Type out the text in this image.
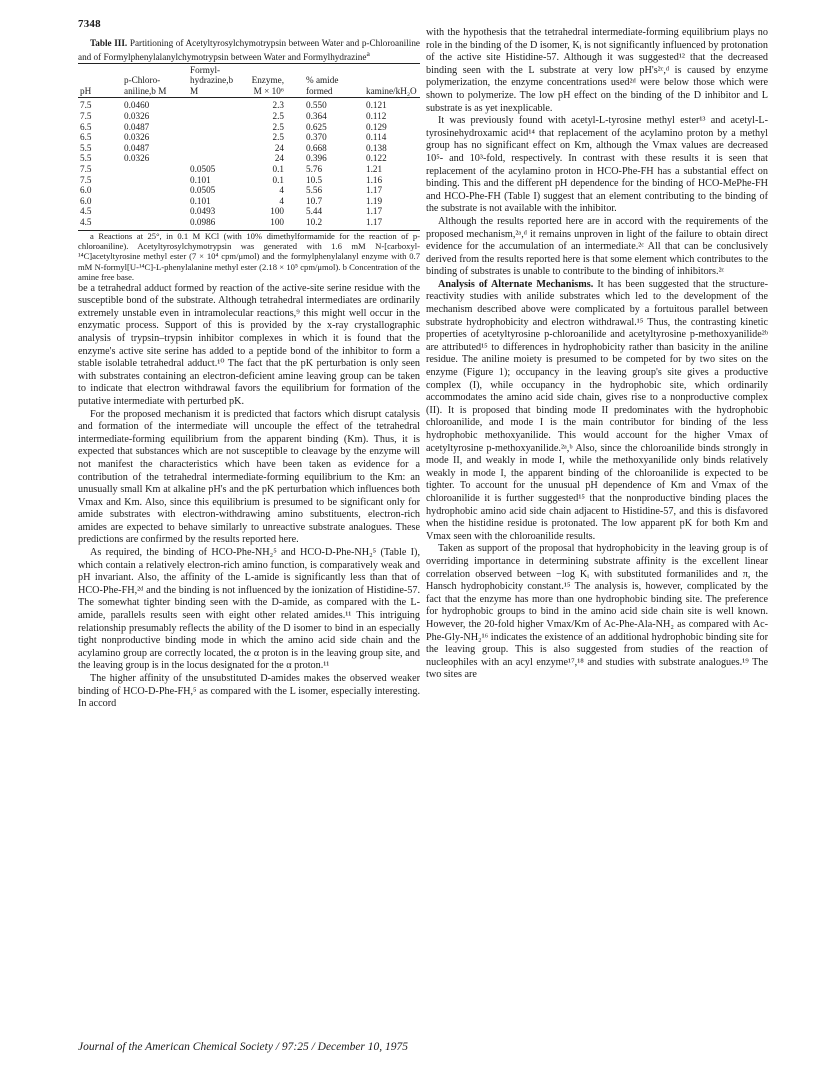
7348

Table III. Partitioning of Acetyltyrosylchymotrypsin between Water and p-Chloroaniline and of Formylphenylalanylchymotrypsin between Water and Formylhydrazine$^a$

pH	p-Chloro-aniline,b M	Formyl-hydrazine,b M	Enzyme, M × 10⁶	% amide formed	kamine/kH₂O
7.5	0.0460		2.3	0.550	0.121
7.5	0.0326		2.5	0.364	0.112
6.5	0.0487		2.5	0.625	0.129
6.5	0.0326		2.5	0.370	0.114
5.5	0.0487		24	0.668	0.138
5.5	0.0326		24	0.396	0.122
7.5		0.0505	0.1	5.76	1.21
7.5		0.101	0.1	10.5	1.16
6.0		0.0505	4	5.56	1.17
6.0		0.101	4	10.7	1.19
4.5		0.0493	100	5.44	1.17
4.5		0.0986	100	10.2	1.17

a Reactions at 25°, in 0.1 M KCl (with 10% dimethylformamide for the reaction of p-chloroaniline). Acetyltyrosylchymotrypsin was generated with 1.6 mM N-[carboxyl-¹⁴C]acetyltyrosine methyl ester (7 × 10⁴ cpm/μmol) and the formylphenylalanyl enzyme with 0.7 mM N-formyl[U-¹⁴C]-L-phenylalanine methyl ester (2.18 × 10⁵ cpm/μmol). b Concentration of the amine free base.

be a tetrahedral adduct formed by reaction of the active-site serine residue with the susceptible bond of the substrate. Although tetrahedral intermediates are ordinarily extremely unstable even in intramolecular reactions,⁹ this might well occur in the enzymatic process. Support of this is provided by the x-ray crystallographic analysis of trypsin–trypsin inhibitor complexes in which it is found that the enzyme's active site serine has added to a peptide bond of the inhibitor to form a stable isolable tetrahedral adduct.¹⁰ The fact that the pK perturbation is only seen with substrates containing an electron-deficient amine leaving group can be taken to indicate that electron withdrawal favors the equilibrium for formation of the putative intermediate with perturbed pK.

For the proposed mechanism it is predicted that factors which disrupt catalysis and formation of the intermediate will uncouple the effect of the tetrahedral intermediate-forming equilibrium from the apparent binding (Km). Thus, it is expected that substances which are not susceptible to cleavage by the enzyme will not manifest the characteristics which have been taken as evidence for a contribution of the tetrahedral intermediate-forming equilibrium to the Km: an unusually small Km at alkaline pH's and the pK perturbation which influences both Vmax and Km. Also, since this equilibrium is presumed to be significant only for amide substrates with electron-withdrawing amino substituents, electron-rich amides are expected to behave similarly to unreactive substrate analogues. These predictions are confirmed by the results reported here.

As required, the binding of HCO-Phe-NH₂⁵ and HCO-D-Phe-NH₂⁵ (Table I), which contain a relatively electron-rich amino function, is comparatively weak and pH invariant. Also, the affinity of the L-amide is significantly less than that of HCO-Phe-FH,²ᵈ and the binding is not influenced by the ionization of Histidine-57. The somewhat tighter binding seen with the D-amide, as compared with the L-amide, parallels results seen with eight other related amides.¹¹ This intriguing relationship presumably reflects the ability of the D isomer to bind in an especially tight nonproductive binding mode in which the amino acid side chain and the acylamino group are correctly located, the α proton is in the leaving group site, and the leaving group is in the locus designated for the α proton.¹¹

The higher affinity of the unsubstituted D-amides makes the observed weaker binding of HCO-D-Phe-FH,⁵ as compared with the L isomer, especially interesting. In accord

with the hypothesis that the tetrahedral intermediate-forming equilibrium plays no role in the binding of the D isomer, Kᵢ is not significantly influenced by protonation of the active site Histidine-57. Although it was suggested¹² that the decreased binding seen with the L substrate at very low pH's²ᶜ,ᵈ is caused by enzyme polymerization, the enzyme concentrations used²ᵈ were below those which were shown to polymerize. The low pH effect on the binding of the D inhibitor and L substrate is as yet inexplicable.

It was previously found with acetyl-L-tyrosine methyl ester¹³ and acetyl-L-tyrosinehydroxamic acid¹⁴ that replacement of the acylamino proton by a methyl group has no significant effect on Km, although the Vmax values are decreased 10⁵- and 10³-fold, respectively. In contrast with these results it is seen that replacement of the acylamino proton in HCO-Phe-FH has a substantial effect on binding. This and the different pH dependence for the binding of HCO-MePhe-FH and HCO-Phe-FH (Table I) suggest that an element contributing to the binding of the substrate is not available with the inhibitor.

Although the results reported here are in accord with the requirements of the proposed mechanism,²ᵃ,ᵈ it remains unproven in light of the failure to obtain direct evidence for the accumulation of an intermediate.²ᶜ All that can be conclusively derived from the results reported here is that some element which contributes to the binding of substrates is unable to contribute to the binding of inhibitors.²ᶜ

Analysis of Alternate Mechanisms. It has been suggested that the structure-reactivity studies with anilide substrates which led to the development of the mechanism described above were complicated by a fortuitous parallel between substrate hydrophobicity and electron withdrawal.¹⁵ Thus, the contrasting kinetic properties of acetyltyrosine p-chloroanilide and acetyltyrosine p-methoxyanilide²ᵇ are attributed¹⁵ to differences in hydrophobicity rather than basicity in the aniline residue. The aniline moiety is presumed to be competed for by two sites on the enzyme (Figure 1); occupancy in the leaving group's site gives a productive complex (I), while occupancy in the hydrophobic site, which ordinarily accommodates the amino acid side chain, gives rise to a nonproductive complex (II). It is proposed that binding mode II predominates with the hydrophobic chloroanilide, and mode I is the main contributor for binding of the less hydrophobic methoxyanilide. This would account for the higher Vmax of acetyltyrosine p-methoxyanilide.²ᵃ,ᵇ Also, since the chloroanilide binds strongly in mode II, and weakly in mode I, while the methoxyanilide only binds relatively weakly in mode I, the apparent binding of the chloroanilide is expected to be tighter. To account for the unusual pH dependence of Km and Vmax of the chloroanilide it is further suggested¹⁵ that the nonproductive binding places the hydrophobic amino acid side chain adjacent to Histidine-57, and this is disfavored when the histidine residue is protonated. The low apparent pK for both Km and Vmax seen with the chloroanilide results.

Taken as support of the proposal that hydrophobicity in the leaving group is of overriding importance in determining substrate affinity is the excellent linear correlation observed between −log Kᵢ with substituted formanilides and π, the Hansch hydrophobicity constant.¹⁵ The analysis is, however, complicated by the fact that the enzyme has more than one hydrophobic binding site. The preference for hydrophobic groups to bind in the amino acid side chain site is well known. However, the 20-fold higher Vmax/Km of Ac-Phe-Ala-NH₂ as compared with Ac-Phe-Gly-NH₂¹⁶ indicates the existence of an additional hydrophobic binding site for the leaving group. This is also suggested from studies of the reaction of nucleophiles with an acyl enzyme¹⁷,¹⁸ and studies with substrate analogues.¹⁹ The two sites are

Journal of the American Chemical Society / 97:25 / December 10, 1975
